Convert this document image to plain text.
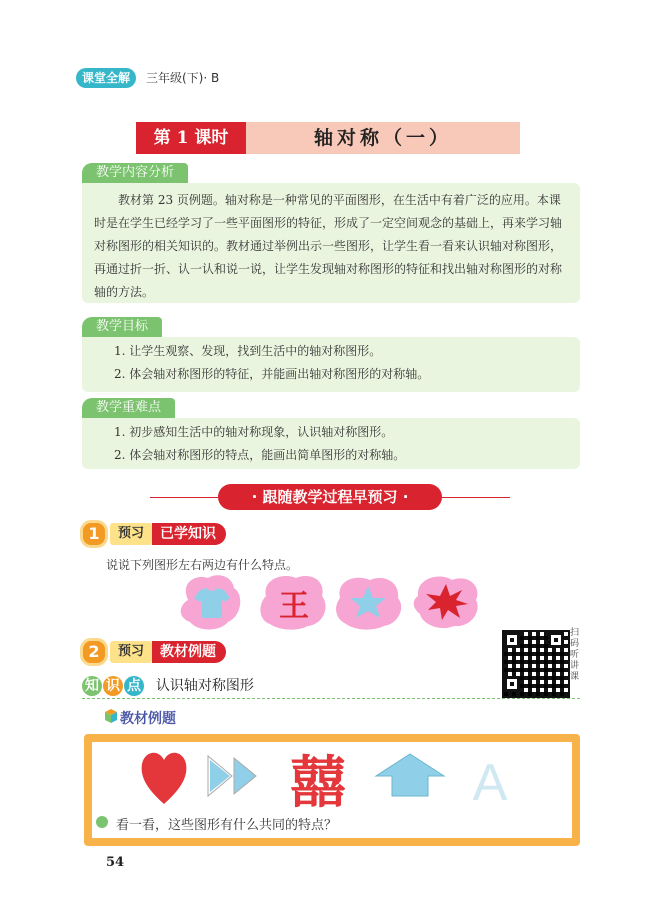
课堂全解	三年级(下)· B
第 1 课时	轴对称（一）
教学内容分析

教材第 23 页例题。轴对称是一种常见的平面图形，在生活中有着广泛的应用。本课时是在学生已经学习了一些平面图形的特征，形成了一定空间观念的基础上，再来学习轴对称图形的相关知识的。教材通过举例出示一些图形，让学生看一看来认识轴对称图形，再通过折一折、认一认和说一说，让学生发现轴对称图形的特征和找出轴对称图形的对称轴的方法。

教学目标
1. 让学生观察、发现，找到生活中的轴对称图形。
2. 体会轴对称图形的特征，并能画出轴对称图形的对称轴。
教学重难点
1. 初步感知生活中的轴对称现象，认识轴对称图形。
2. 体会轴对称图形的特点，能画出简单图形的对称轴。
· 跟随教学过程早预习 ·
1	预习	已学知识
说说下列图形左右两边有什么特点。
王
2	预习	教材例题
扫码听讲课
知 识 点 认识轴对称图形
教材例题
囍 A
看一看，这些图形有什么共同的特点？
54
